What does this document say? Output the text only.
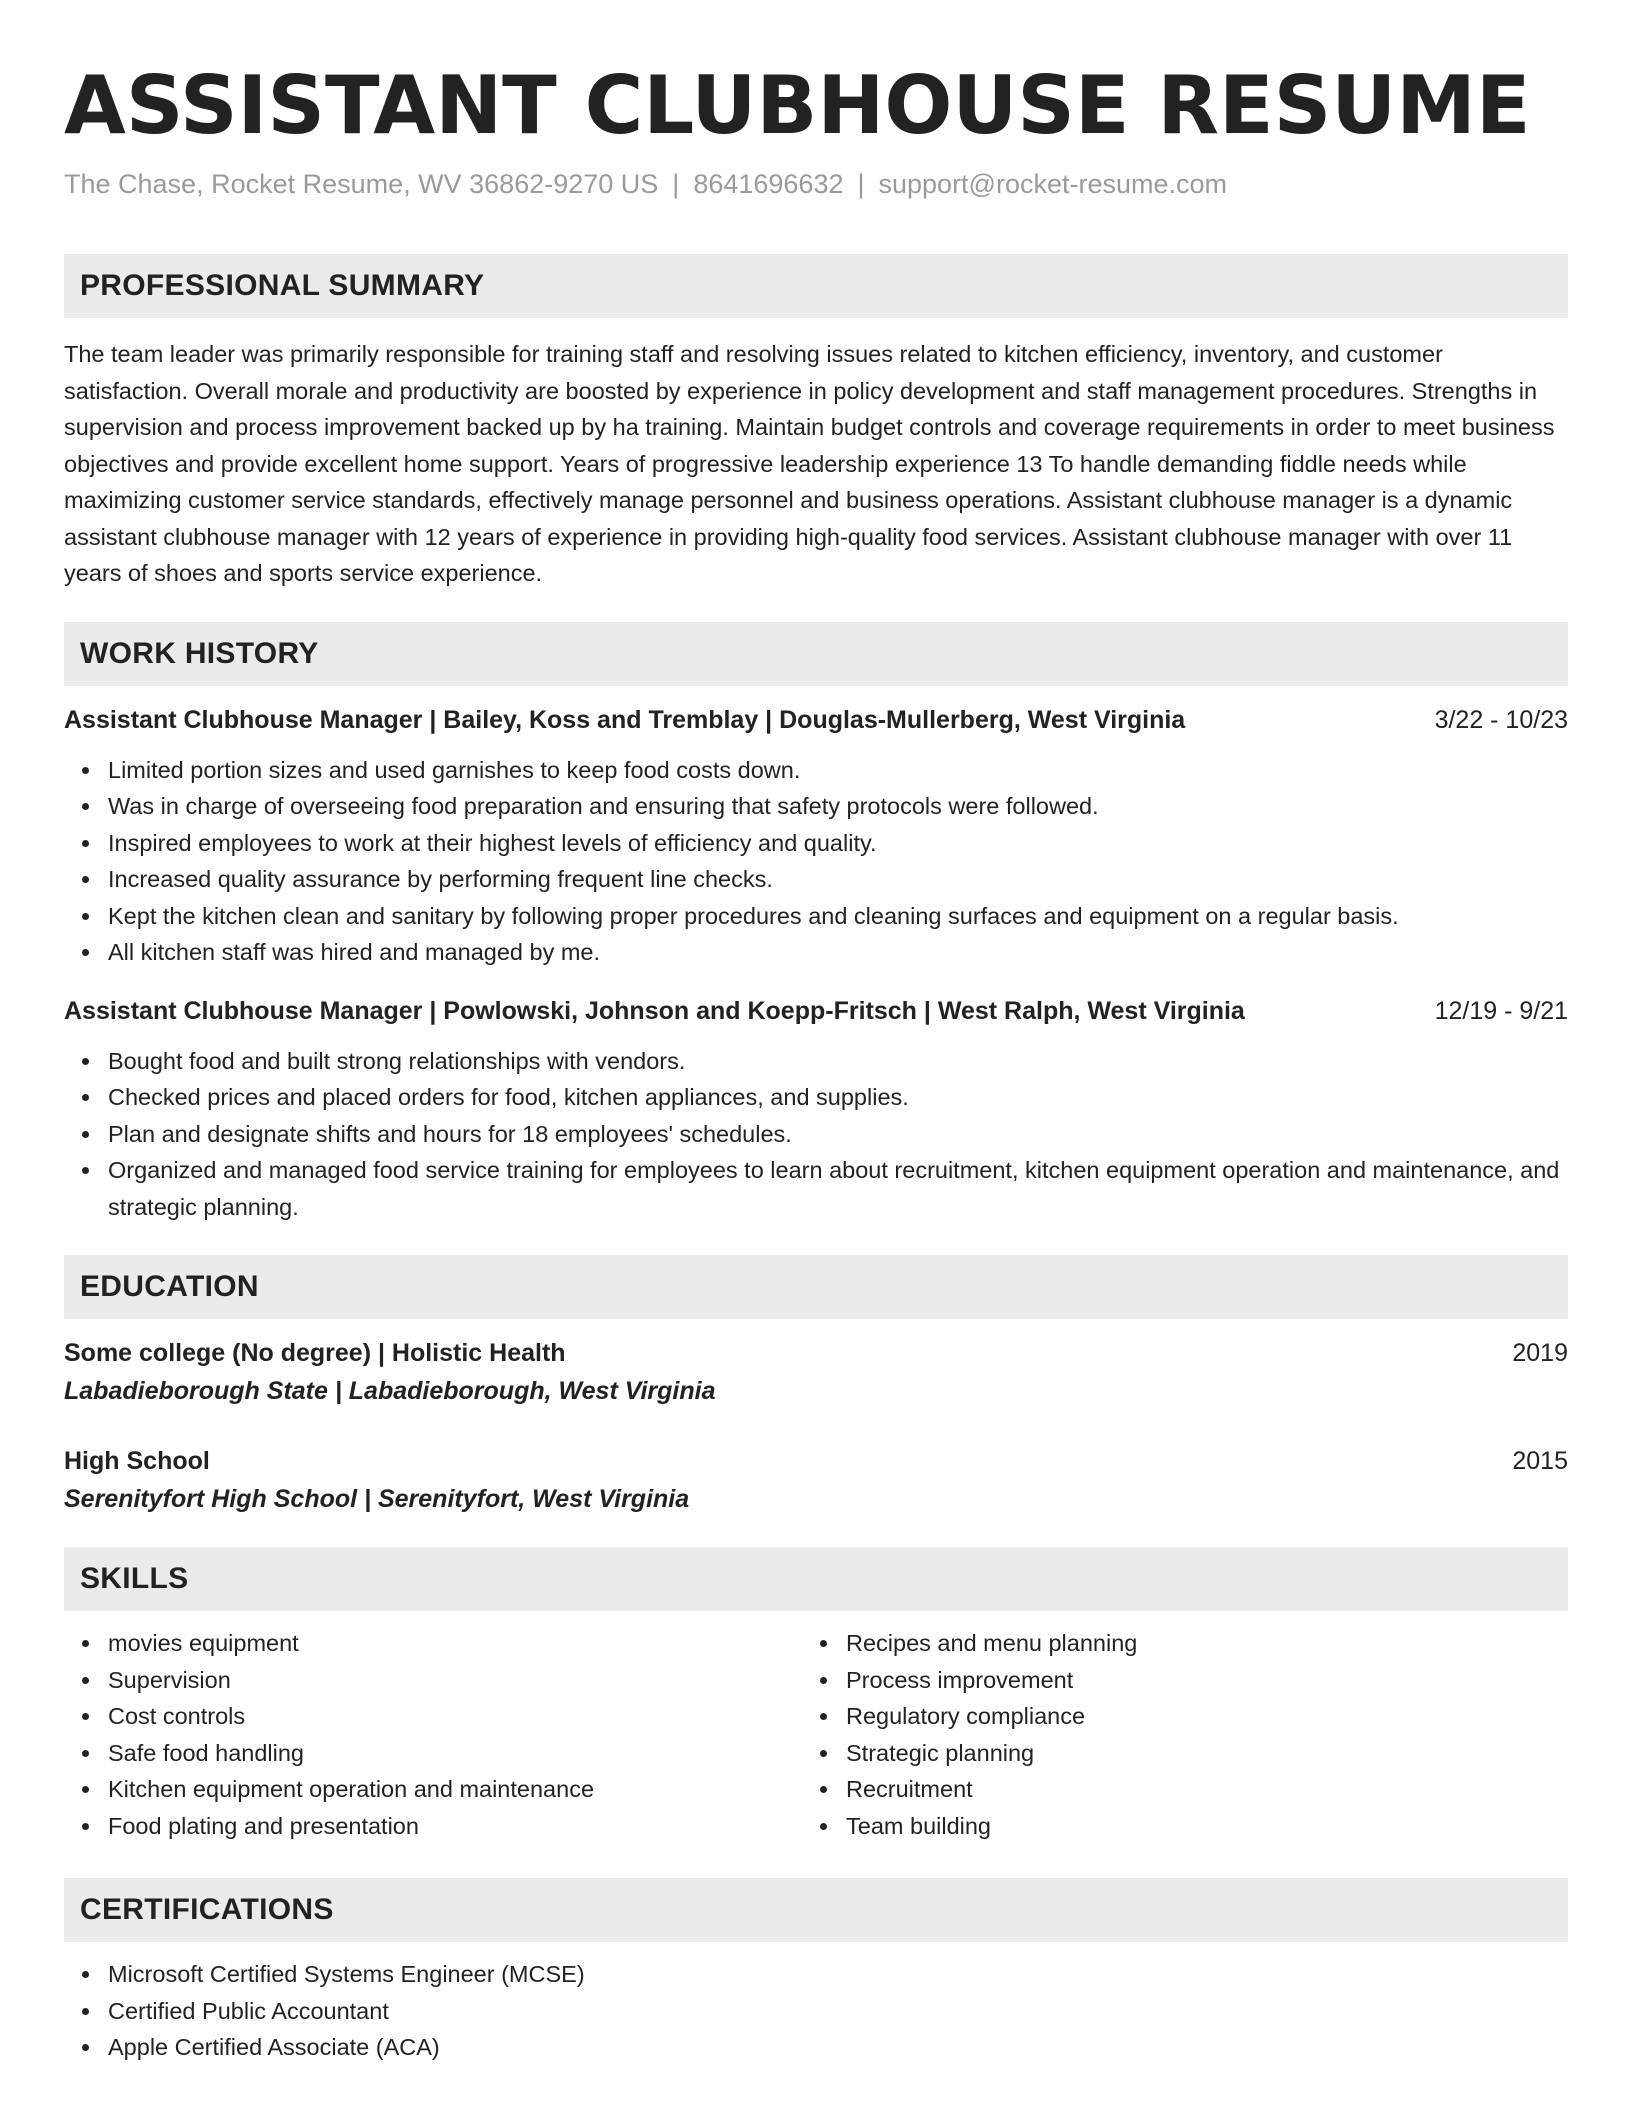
ASSISTANT CLUBHOUSE RESUME
The Chase, Rocket Resume, WV 36862-9270 US | 8641696632 | support@rocket-resume.com
PROFESSIONAL SUMMARY

The team leader was primarily responsible for training staff and resolving issues related to kitchen efficiency, inventory, and customer satisfaction. Overall morale and productivity are boosted by experience in policy development and staff management procedures. Strengths in supervision and process improvement backed up by ha training. Maintain budget controls and coverage requirements in order to meet business objectives and provide excellent home support. Years of progressive leadership experience 13 To handle demanding fiddle needs while maximizing customer service standards, effectively manage personnel and business operations. Assistant clubhouse manager is a dynamic assistant clubhouse manager with 12 years of experience in providing high-quality food services. Assistant clubhouse manager with over 11 years of shoes and sports service experience.

WORK HISTORY
Assistant Clubhouse Manager | Bailey, Koss and Tremblay | Douglas-Mullerberg, West Virginia	3/22 - 10/23
Limited portion sizes and used garnishes to keep food costs down.
Was in charge of overseeing food preparation and ensuring that safety protocols were followed.
Inspired employees to work at their highest levels of efficiency and quality.
Increased quality assurance by performing frequent line checks.
Kept the kitchen clean and sanitary by following proper procedures and cleaning surfaces and equipment on a regular basis.
All kitchen staff was hired and managed by me.
Assistant Clubhouse Manager | Powlowski, Johnson and Koepp-Fritsch | West Ralph, West Virginia	12/19 - 9/21
Bought food and built strong relationships with vendors.
Checked prices and placed orders for food, kitchen appliances, and supplies.
Plan and designate shifts and hours for 18 employees' schedules.
Organized and managed food service training for employees to learn about recruitment, kitchen equipment operation and maintenance, and strategic planning.
EDUCATION
Some college (No degree) | Holistic Health	2019
Labadieborough State | Labadieborough, West Virginia
High School	2015
Serenityfort High School | Serenityfort, West Virginia
SKILLS
movies equipment
Supervision
Cost controls
Safe food handling
Kitchen equipment operation and maintenance
Food plating and presentation
Recipes and menu planning
Process improvement
Regulatory compliance
Strategic planning
Recruitment
Team building
CERTIFICATIONS
Microsoft Certified Systems Engineer (MCSE)
Certified Public Accountant
Apple Certified Associate (ACA)
